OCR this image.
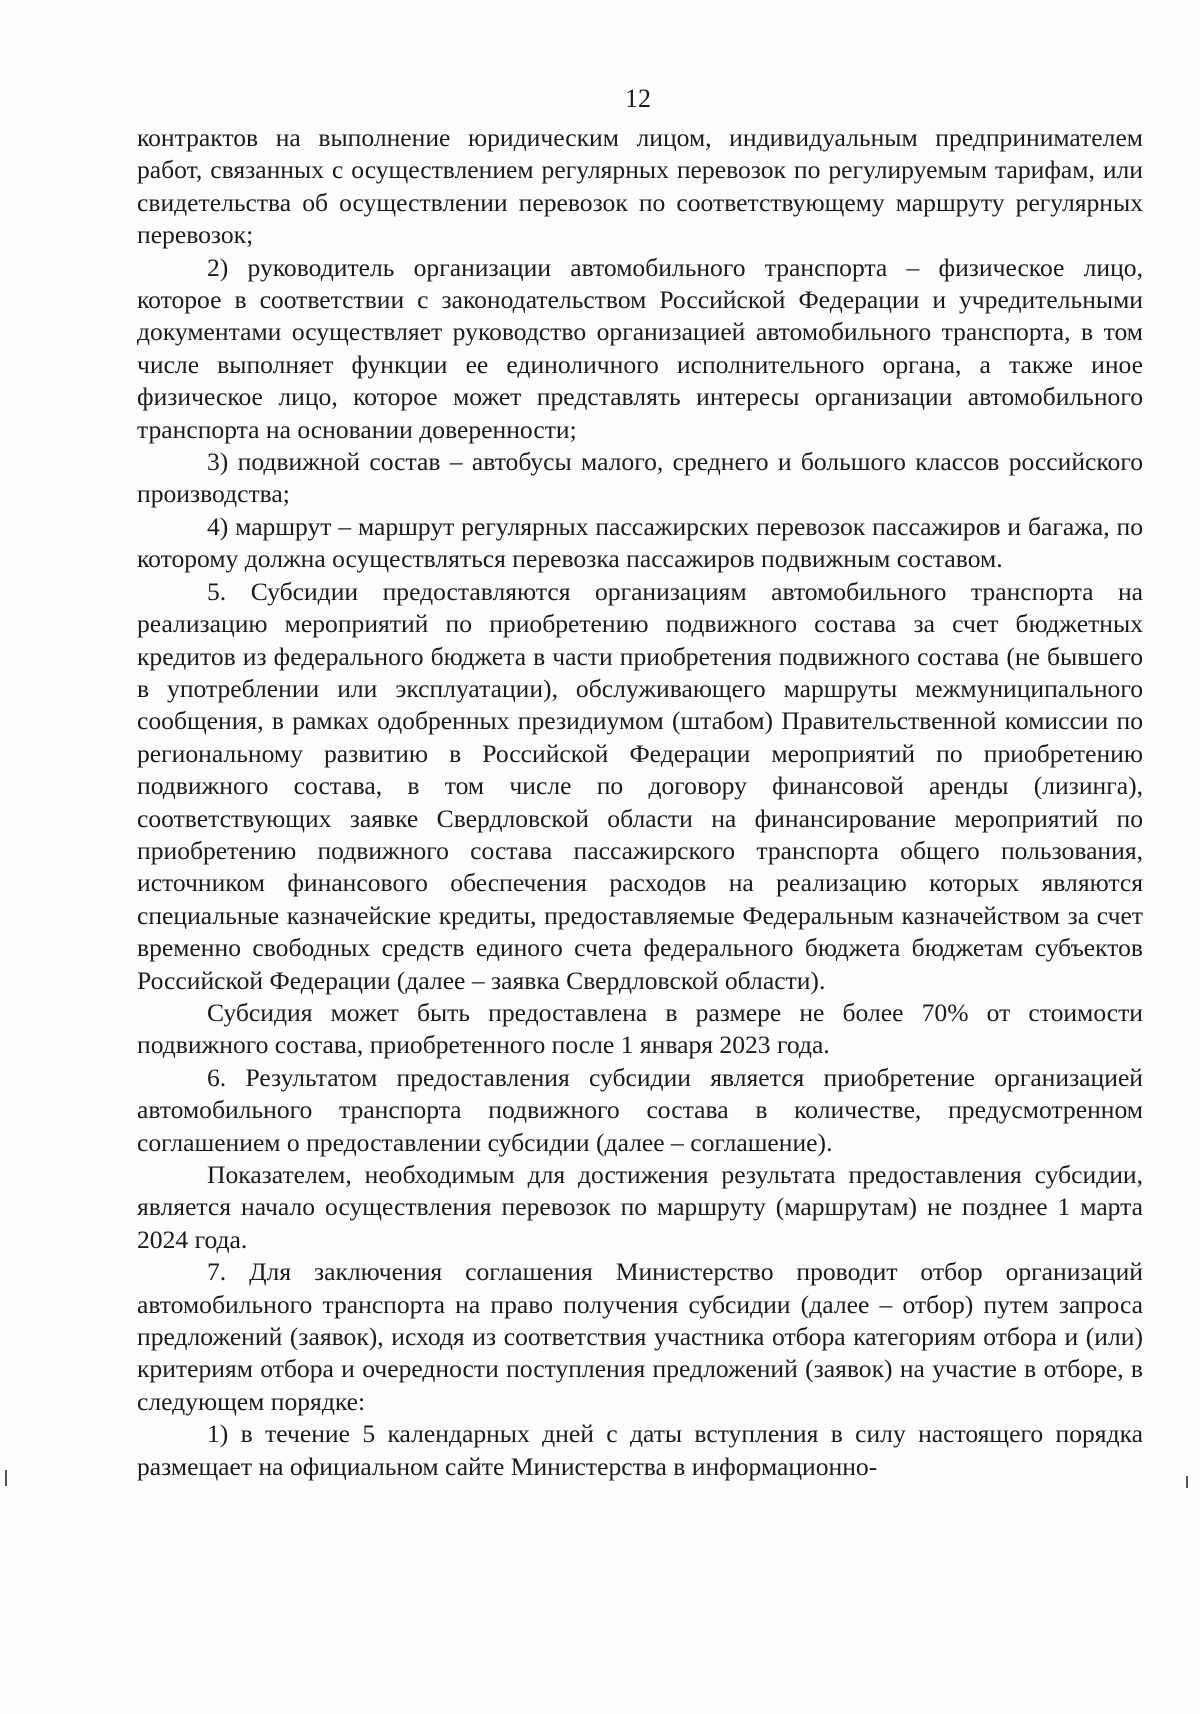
12

контрактов на выполнение юридическим лицом, индивидуальным предпринимателем работ, связанных с осуществлением регулярных перевозок по регулируемым тарифам, или свидетельства об осуществлении перевозок по соответствующему маршруту регулярных перевозок;

2) руководитель организации автомобильного транспорта – физическое лицо, которое в соответствии с законодательством Российской Федерации и учредительными документами осуществляет руководство организацией автомобильного транспорта, в том числе выполняет функции ее единоличного исполнительного органа, а также иное физическое лицо, которое может представлять интересы организации автомобильного транспорта на основании доверенности;

3) подвижной состав – автобусы малого, среднего и большого классов российского производства;

4) маршрут – маршрут регулярных пассажирских перевозок пассажиров и багажа, по которому должна осуществляться перевозка пассажиров подвижным составом.

5. Субсидии предоставляются организациям автомобильного транспорта на реализацию мероприятий по приобретению подвижного состава за счет бюджетных кредитов из федерального бюджета в части приобретения подвижного состава (не бывшего в употреблении или эксплуатации), обслуживающего маршруты межмуниципального сообщения, в рамках одобренных президиумом (штабом) Правительственной комиссии по региональному развитию в Российской Федерации мероприятий по приобретению подвижного состава, в том числе по договору финансовой аренды (лизинга), соответствующих заявке Свердловской области на финансирование мероприятий по приобретению подвижного состава пассажирского транспорта общего пользования, источником финансового обеспечения расходов на реализацию которых являются специальные казначейские кредиты, предоставляемые Федеральным казначейством за счет временно свободных средств единого счета федерального бюджета бюджетам субъектов Российской Федерации (далее – заявка Свердловской области).

Субсидия может быть предоставлена в размере не более 70% от стоимости подвижного состава, приобретенного после 1 января 2023 года.

6. Результатом предоставления субсидии является приобретение организацией автомобильного транспорта подвижного состава в количестве, предусмотренном соглашением о предоставлении субсидии (далее – соглашение).

Показателем, необходимым для достижения результата предоставления субсидии, является начало осуществления перевозок по маршруту (маршрутам) не позднее 1 марта 2024 года.

7. Для заключения соглашения Министерство проводит отбор организаций автомобильного транспорта на право получения субсидии (далее – отбор) путем запроса предложений (заявок), исходя из соответствия участника отбора категориям отбора и (или) критериям отбора и очередности поступления предложений (заявок) на участие в отборе, в следующем порядке:

1) в течение 5 календарных дней с даты вступления в силу настоящего порядка размещает на официальном сайте Министерства в информационно-
